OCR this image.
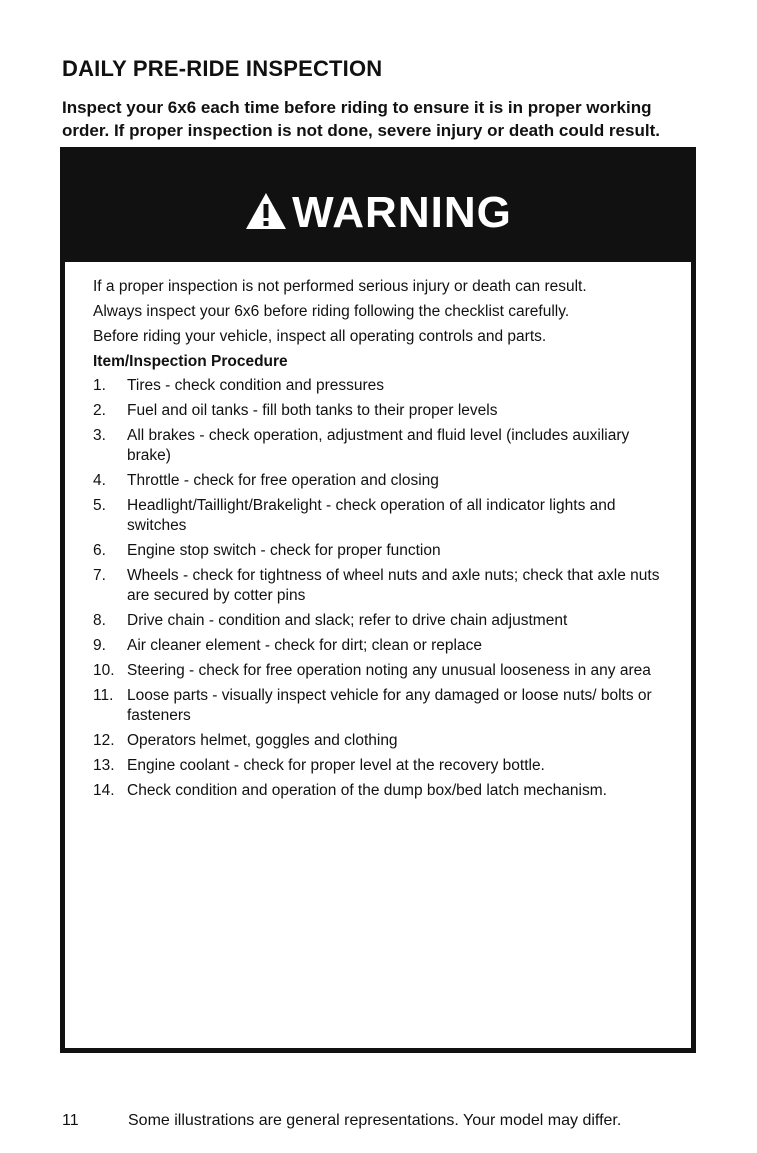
DAILY PRE-RIDE INSPECTION
Inspect your 6x6 each time before riding to ensure it is in proper working order. If proper inspection is not done, severe injury or death could result.
WARNING

If a proper inspection is not performed serious injury or death can result.

Always inspect your 6x6 before riding following the checklist carefully.

Before riding your vehicle, inspect all operating controls and parts.

Item/Inspection Procedure

1.	Tires - check condition and pressures
2.	Fuel and oil tanks - fill both tanks to their proper levels
3.	All brakes - check operation, adjustment and fluid level (includes auxiliary brake)
4.	Throttle - check for free operation and closing
5.	Headlight/Taillight/Brakelight - check operation of all indicator lights and switches
6.	Engine stop switch - check for proper function
7.	Wheels - check for tightness of wheel nuts and axle nuts; check that axle nuts are secured by cotter pins
8.	Drive chain - condition and slack; refer to drive chain adjustment
9.	Air cleaner element - check for dirt; clean or replace
10. Steering - check for free operation noting any unusual looseness in any area
11. Loose parts - visually inspect vehicle for any damaged or loose nuts/ bolts or fasteners
12. Operators helmet, goggles and clothing
13. Engine coolant - check for proper level at the recovery bottle.
14. Check condition and operation of the dump box/bed latch mechanism.
11	Some illustrations are general representations. Your model may differ.
